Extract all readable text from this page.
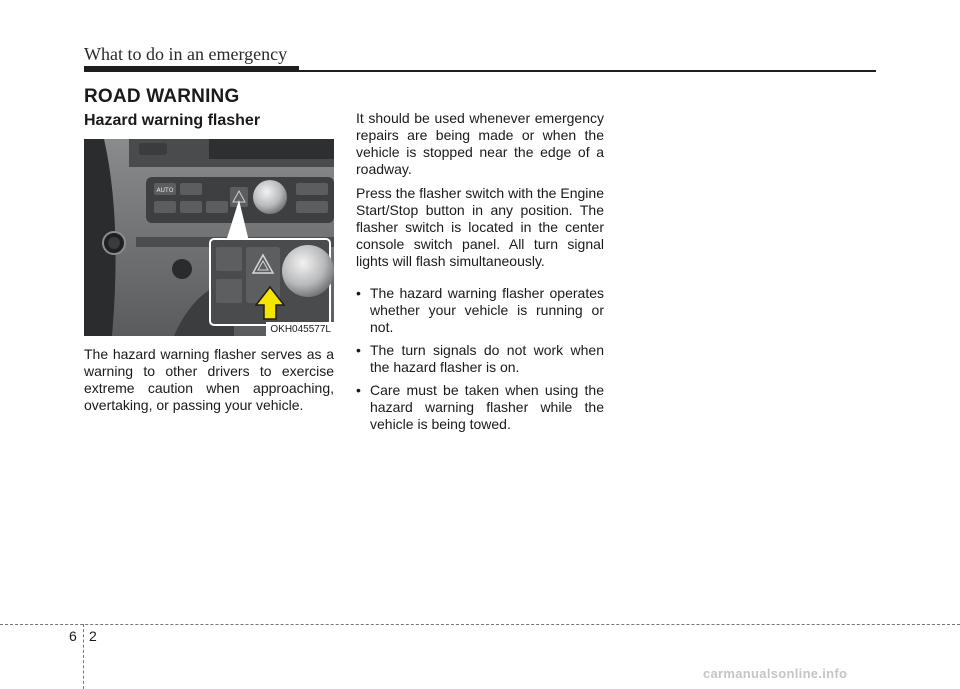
What to do in an emergency
ROAD WARNING
Hazard warning flasher
AUTO
OKH045577L

The hazard warning flasher serves as a warning to other drivers to exercise extreme caution when approaching, overtaking, or passing your vehicle.

It should be used whenever emergency repairs are being made or when the vehicle is stopped near the edge of a roadway.

Press the flasher switch with the Engine Start/Stop button in any position. The flasher switch is located in the center console switch panel. All turn signal lights will flash simultaneously.

• The hazard warning flasher operates whether your vehicle is running or not.
• The turn signals do not work when the hazard flasher is on.
• Care must be taken when using the hazard warning flasher while the vehicle is being towed.
6 2
carmanualsonline.info
